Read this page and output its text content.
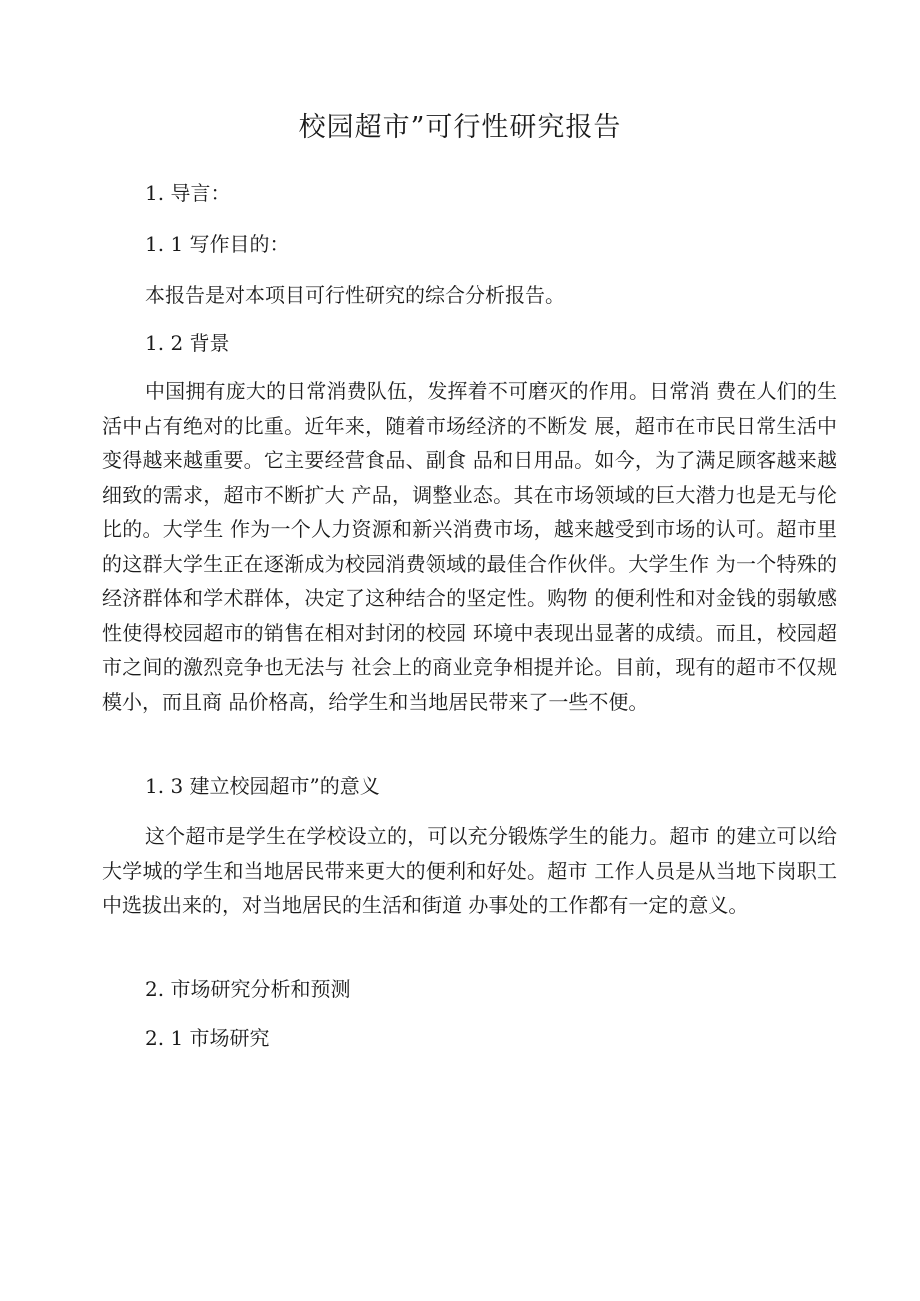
校园超市”可行性研究报告
1. 导言：
1. 1 写作目的：
本报告是对本项目可行性研究的综合分析报告。
1. 2 背景
中国拥有庞大的日常消费队伍，发挥着不可磨灭的作用。日常消 费在人们的生活中占有绝对的比重。近年来，随着市场经济的不断发 展，超市在市民日常生活中变得越来越重要。它主要经营食品、副食 品和日用品。如今，为了满足顾客越来越细致的需求，超市不断扩大 产品，调整业态。其在市场领域的巨大潜力也是无与伦比的。大学生 作为一个人力资源和新兴消费市场，越来越受到市场的认可。超市里 的这群大学生正在逐渐成为校园消费领域的最佳合作伙伴。大学生作 为一个特殊的经济群体和学术群体，决定了这种结合的坚定性。购物 的便利性和对金钱的弱敏感性使得校园超市的销售在相对封闭的校园 环境中表现出显著的成绩。而且，校园超市之间的激烈竞争也无法与 社会上的商业竞争相提并论。目前，现有的超市不仅规模小，而且商 品价格高，给学生和当地居民带来了一些不便。
1. 3 建立校园超市”的意义
这个超市是学生在学校设立的，可以充分锻炼学生的能力。超市 的建立可以给大学城的学生和当地居民带来更大的便利和好处。超市 工作人员是从当地下岗职工中选拔出来的，对当地居民的生活和街道 办事处的工作都有一定的意义。
2. 市场研究分析和预测
2. 1 市场研究
